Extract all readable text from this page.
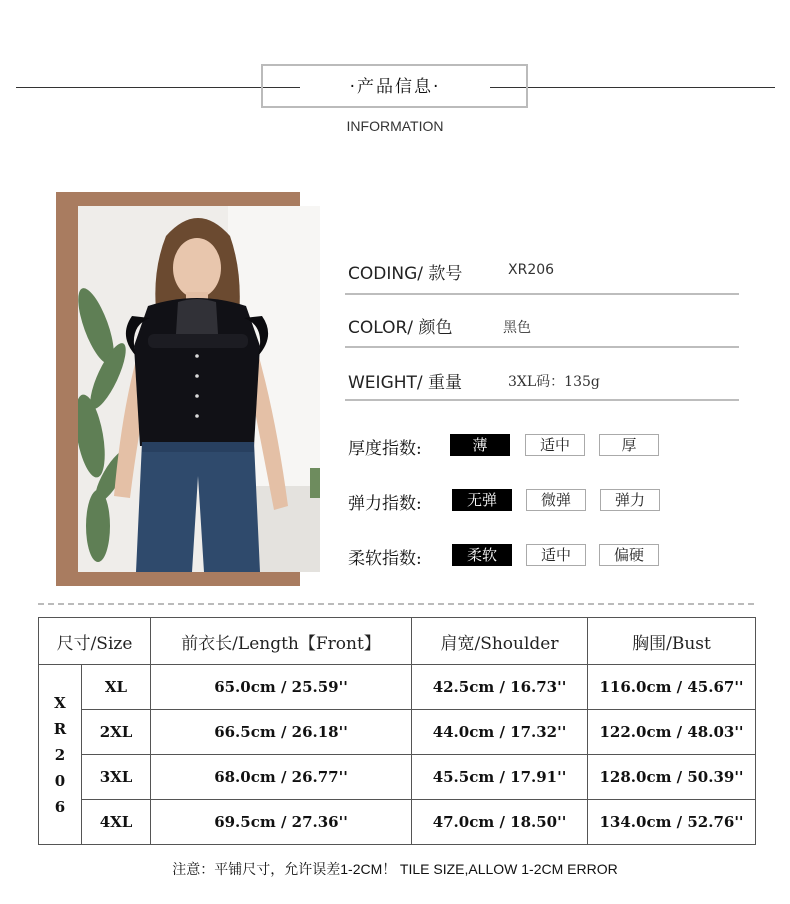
·产品信息·
INFORMATION
CODING/ 款号	XR206
COLOR/ 颜色	黑色
WEIGHT/ 重量	3XL码：135g
厚度指数:	薄	适中	厚
弹力指数:	无弹	微弹	弹力
柔软指数:	柔软	适中	偏硬
尺寸/Size		前衣长/Length【Front】	肩宽/Shoulder	胸围/Bust

X
R
2
0
6	XL	65.0cm / 25.59''	42.5cm / 16.73''	116.0cm / 45.67''
	2XL	66.5cm / 26.18''	44.0cm / 17.32''	122.0cm / 48.03''
	3XL	68.0cm / 26.77''	45.5cm / 17.91''	128.0cm / 50.39''
	4XL	69.5cm / 27.36''	47.0cm / 18.50''	134.0cm / 52.76''
注意：平铺尺寸，允许误差1-2CM！ TILE SIZE,ALLOW 1-2CM ERROR
